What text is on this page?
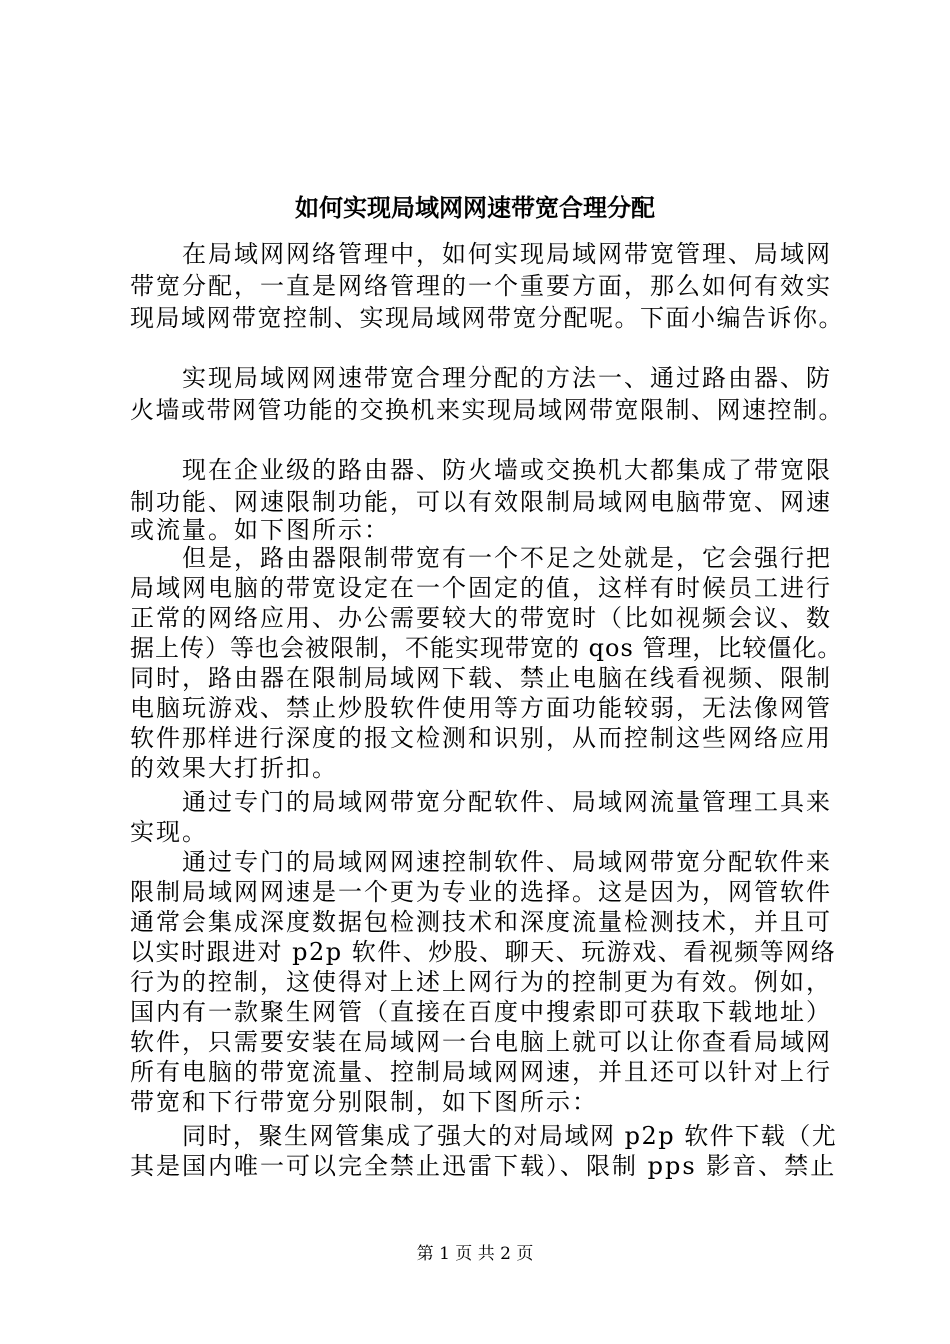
如何实现局域网网速带宽合理分配
在局域网网络管理中，如何实现局域网带宽管理、局域网
带宽分配，一直是网络管理的一个重要方面，那么如何有效实
现局域网带宽控制、实现局域网带宽分配呢。下面小编告诉你。
实现局域网网速带宽合理分配的方法一、通过路由器、防
火墙或带网管功能的交换机来实现局域网带宽限制、网速控制。
现在企业级的路由器、防火墙或交换机大都集成了带宽限
制功能、网速限制功能，可以有效限制局域网电脑带宽、网速
或流量。如下图所示：
但是，路由器限制带宽有一个不足之处就是，它会强行把
局域网电脑的带宽设定在一个固定的值，这样有时候员工进行
正常的网络应用、办公需要较大的带宽时（比如视频会议、数
据上传）等也会被限制，不能实现带宽的 qos 管理，比较僵化。
同时，路由器在限制局域网下载、禁止电脑在线看视频、限制
电脑玩游戏、禁止炒股软件使用等方面功能较弱，无法像网管
软件那样进行深度的报文检测和识别，从而控制这些网络应用
的效果大打折扣。
通过专门的局域网带宽分配软件、局域网流量管理工具来
实现。
通过专门的局域网网速控制软件、局域网带宽分配软件来
限制局域网网速是一个更为专业的选择。这是因为，网管软件
通常会集成深度数据包检测技术和深度流量检测技术，并且可
以实时跟进对 p2p 软件、炒股、聊天、玩游戏、看视频等网络
行为的控制，这使得对上述上网行为的控制更为有效。例如，
国内有一款聚生网管（直接在百度中搜索即可获取下载地址）
软件，只需要安装在局域网一台电脑上就可以让你查看局域网
所有电脑的带宽流量、控制局域网网速，并且还可以针对上行
带宽和下行带宽分别限制，如下图所示：
同时，聚生网管集成了强大的对局域网 p2p 软件下载（尤
其是国内唯一可以完全禁止迅雷下载）、限制 pps 影音、禁止
第 1 页 共 2 页
